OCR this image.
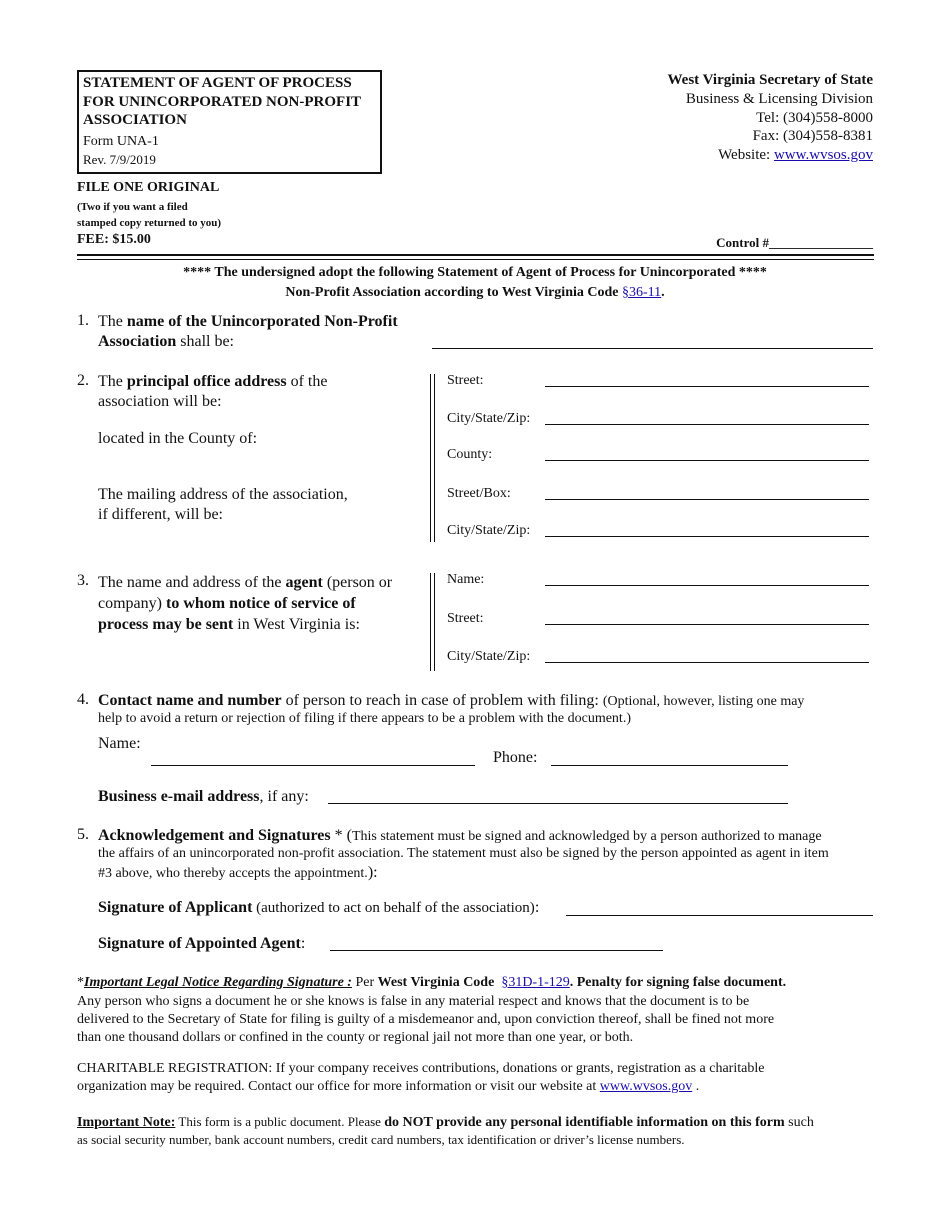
STATEMENT OF AGENT OF PROCESS
FOR UNINCORPORATED NON-PROFIT
ASSOCIATION
Form UNA-1
Rev. 7/9/2019
West Virginia Secretary of State
Business & Licensing Division
Tel: (304)558-8000
Fax: (304)558-8381
Website: www.wvsos.gov
FILE ONE ORIGINAL
(Two if you want a filed
stamped copy returned to you)
FEE: $15.00	Control #________________
**** The undersigned adopt the following Statement of Agent of Process for Unincorporated ****
Non-Profit Association according to West Virginia Code §36-11.
1. The name of the Unincorporated Non-Profit
Association shall be:
2. The principal office address of the
association will be:
located in the County of:
The mailing address of the association,
if different, will be:
Street:
City/State/Zip:
County:
Street/Box:
City/State/Zip:
3. The name and address of the agent (person or
company) to whom notice of service of
process may be sent in West Virginia is:
Name:
Street:
City/State/Zip:
4. Contact name and number of person to reach in case of problem with filing: (Optional, however, listing one may
help to avoid a return or rejection of filing if there appears to be a problem with the document.)
Name:
Phone:
Business e-mail address, if any:
5. Acknowledgement and Signatures * (This statement must be signed and acknowledged by a person authorized to manage
the affairs of an unincorporated non-profit association. The statement must also be signed by the person appointed as agent in item
#3 above, who thereby accepts the appointment.):
Signature of Applicant (authorized to act on behalf of the association):
Signature of Appointed Agent:
*Important Legal Notice Regarding Signature : Per West Virginia Code §31D-1-129. Penalty for signing false document.
Any person who signs a document he or she knows is false in any material respect and knows that the document is to be
delivered to the Secretary of State for filing is guilty of a misdemeanor and, upon conviction thereof, shall be fined not more
than one thousand dollars or confined in the county or regional jail not more than one year, or both.
CHARITABLE REGISTRATION: If your company receives contributions, donations or grants, registration as a charitable
organization may be required. Contact our office for more information or visit our website at www.wvsos.gov .
Important Note: This form is a public document. Please do NOT provide any personal identifiable information on this form such
as social security number, bank account numbers, credit card numbers, tax identification or driver’s license numbers.
